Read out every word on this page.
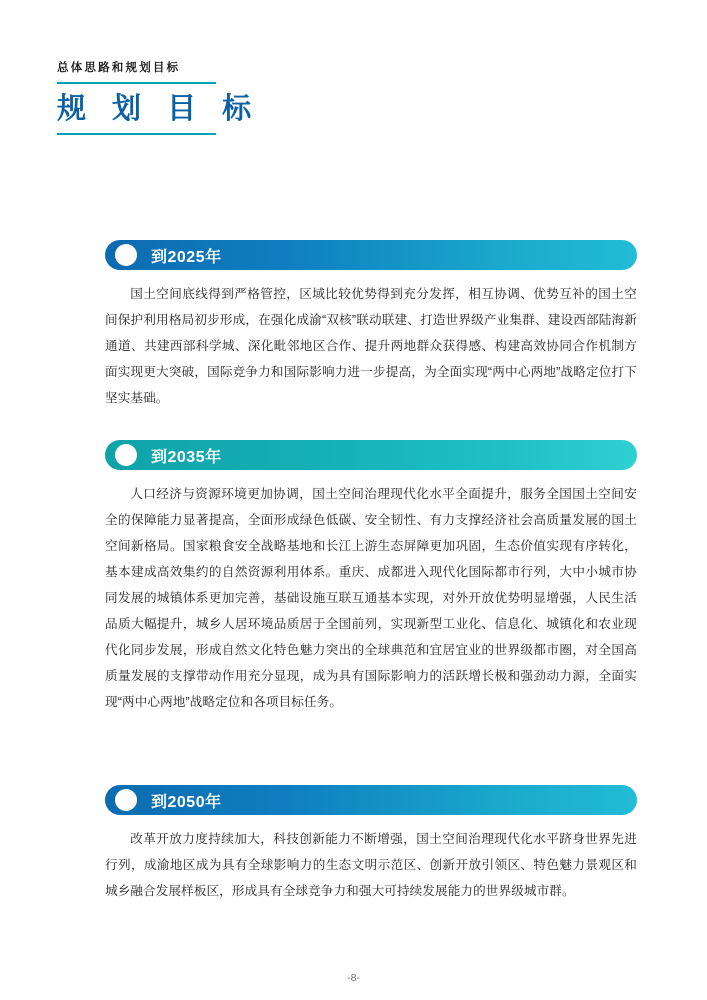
总体思路和规划目标
规 划 目 标
到2025年

国土空间底线得到严格管控，区域比较优势得到充分发挥，相互协调、优势互补的国土空间保护利用格局初步形成，在强化成渝“双核”联动联建、打造世界级产业集群、建设西部陆海新通道、共建西部科学城、深化毗邻地区合作、提升两地群众获得感、构建高效协同合作机制方面实现更大突破，国际竞争力和国际影响力进一步提高，为全面实现“两中心两地”战略定位打下坚实基础。

到2035年

人口经济与资源环境更加协调，国土空间治理现代化水平全面提升，服务全国国土空间安全的保障能力显著提高，全面形成绿色低碳、安全韧性、有力支撑经济社会高质量发展的国土空间新格局。国家粮食安全战略基地和长江上游生态屏障更加巩固，生态价值实现有序转化，基本建成高效集约的自然资源利用体系。重庆、成都进入现代化国际都市行列，大中小城市协同发展的城镇体系更加完善，基础设施互联互通基本实现，对外开放优势明显增强，人民生活品质大幅提升，城乡人居环境品质居于全国前列，实现新型工业化、信息化、城镇化和农业现代化同步发展，形成自然文化特色魅力突出的全球典范和宜居宜业的世界级都市圈，对全国高质量发展的支撑带动作用充分显现，成为具有国际影响力的活跃增长极和强劲动力源，全面实现“两中心两地”战略定位和各项目标任务。

到2050年

改革开放力度持续加大，科技创新能力不断增强，国土空间治理现代化水平跻身世界先进行列，成渝地区成为具有全球影响力的生态文明示范区、创新开放引领区、特色魅力景观区和城乡融合发展样板区，形成具有全球竞争力和强大可持续发展能力的世界级城市群。

-8-
